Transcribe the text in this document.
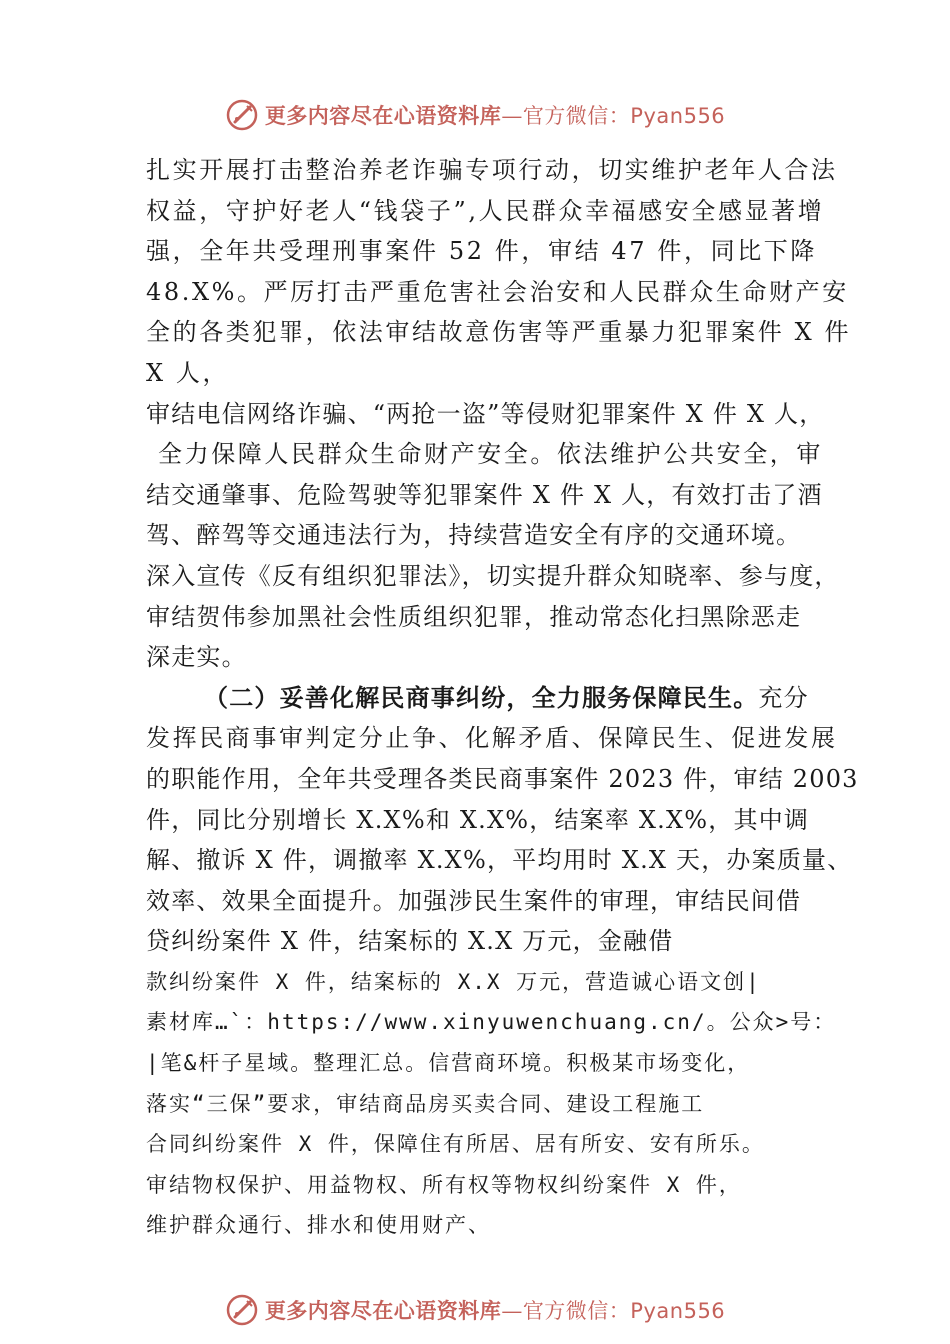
更多内容尽在心语资料库—官方微信：Pyan556
扎实开展打击整治养老诈骗专项行动，切实维护老年人合法
权益，守护好老人“钱袋子”,人民群众幸福感安全感显著增
强，全年共受理刑事案件 52 件，审结 47 件，同比下降
48.X%。严厉打击严重危害社会治安和人民群众生命财产安
全的各类犯罪，依法审结故意伤害等严重暴力犯罪案件 X 件
X 人，
审结电信网络诈骗、“两抢一盗”等侵财犯罪案件 X 件 X 人，
全力保障人民群众生命财产安全。依法维护公共安全，审
结交通肇事、危险驾驶等犯罪案件 X 件 X 人，有效打击了酒
驾、醉驾等交通违法行为，持续营造安全有序的交通环境。
深入宣传《反有组织犯罪法》，切实提升群众知晓率、参与度，
审结贺伟参加黑社会性质组织犯罪，推动常态化扫黑除恶走
深走实。
（二）妥善化解民商事纠纷，全力服务保障民生。充分
发挥民商事审判定分止争、化解矛盾、保障民生、促进发展
的职能作用，全年共受理各类民商事案件 2023 件，审结 2003
件，同比分别增长 X.X%和 X.X%，结案率 X.X%，其中调
解、撤诉 X 件，调撤率 X.X%，平均用时 X.X 天，办案质量、
效率、效果全面提升。加强涉民生案件的审理，审结民间借
贷纠纷案件 X 件，结案标的 X.X 万元，金融借
款纠纷案件 X 件，结案标的 X.X 万元，营造诚心语文创|
素材库…`：https://www.xinyuwenchuang.cn/。公众>号：
|笔&杆子星域。整理汇总。信营商环境。积极某市场变化，
落实“三保”要求，审结商品房买卖合同、建设工程施工
合同纠纷案件 X 件，保障住有所居、居有所安、安有所乐。
审结物权保护、用益物权、所有权等物权纠纷案件 X 件，
维护群众通行、排水和使用财产、
更多内容尽在心语资料库—官方微信：Pyan556
